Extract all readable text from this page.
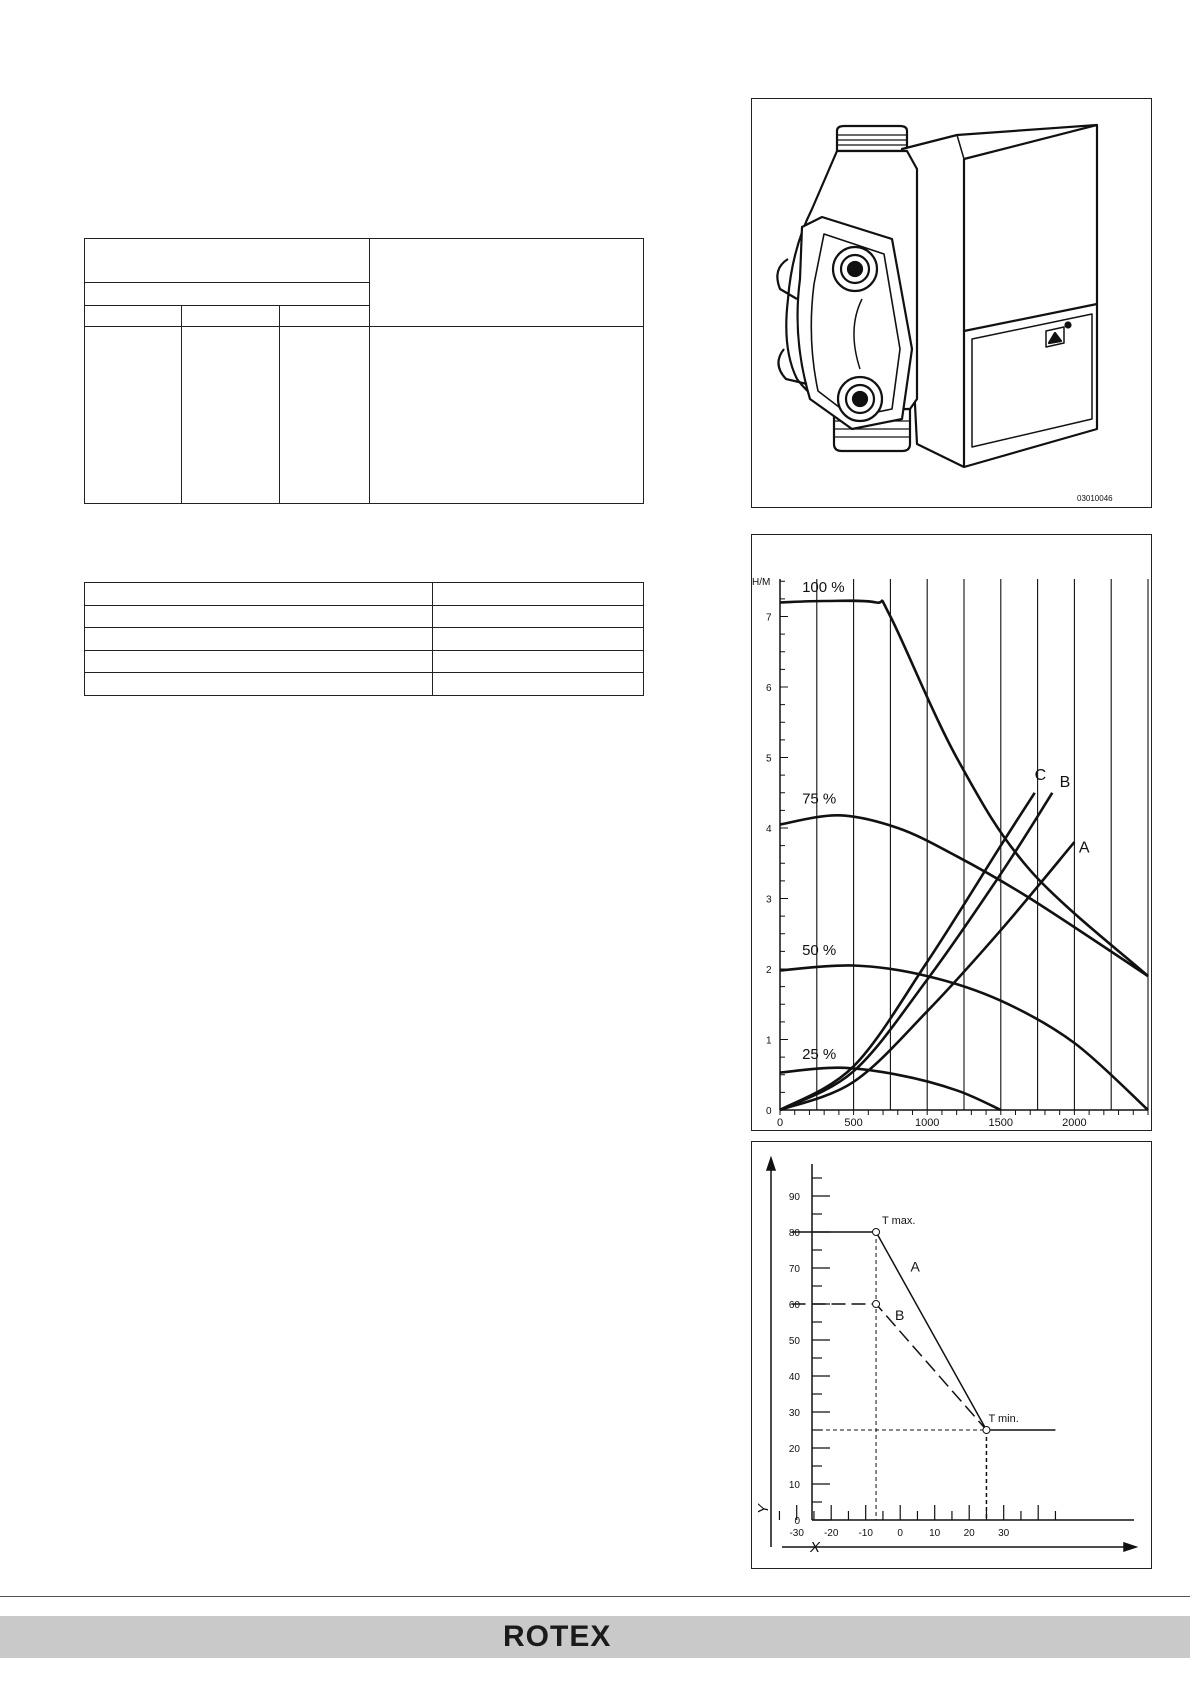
03010046
H/M
0
1
2
3
4
5
6
7
0	500	1000	1500	2000
100 %
75 %
50 %
25 %
A
B
C
0
10
20
30
40
50
60
70
80
90
-30 -20 -10 0	10 20 30
X
Y
T max.
T min.
A
B
ROTEX
